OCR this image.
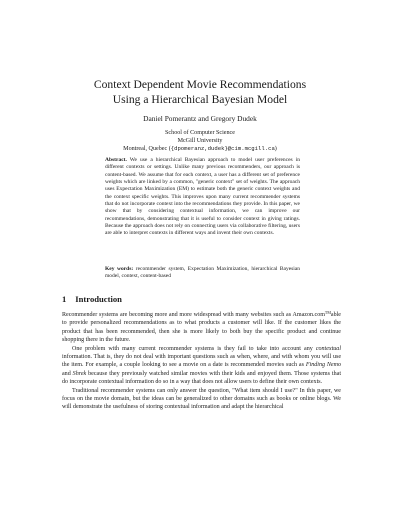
Context Dependent Movie Recommendations
Using a Hierarchical Bayesian Model
Daniel Pomerantz and Gregory Dudek
School of Computer Science
McGill University
Montreal, Quebec ({dpomeranz,dudek}@cim.mcgill.ca)
Abstract. We use a hierarchical Bayesian approach to model user preferences in different contexts or settings. Unlike many previous recommenders, our approach is content-based. We assume that for each context, a user has a different set of preference weights which are linked by a common, "generic context" set of weights. The approach uses Expectation Maximization (EM) to estimate both the generic context weights and the context specific weights. This improves upon many current recommender systems that do not incorporate context into the recommendations they provide. In this paper, we show that by considering contextual information, we can improve our recommendations, demonstrating that it is useful to consider context in giving ratings. Because the approach does not rely on connecting users via collaborative filtering, users are able to interpret contexts in different ways and invent their own contexts.
Key words: recommender system, Expectation Maximization, hierarchical Bayesian model, context, content-based
1 Introduction

Recommender systems are becoming more and more widespread with many websites such as Amazon.com™able to provide personalized recommendations as to what products a customer will like. If the customer likes the product that has been recommended, then she is more likely to both buy the specific product and continue shopping there in the future.

One problem with many current recommender systems is they fail to take into account any contextual information. That is, they do not deal with important questions such as when, where, and with whom you will use the item. For example, a couple looking to see a movie on a date is recommended movies such as Finding Nemo and Shrek because they previously watched similar movies with their kids and enjoyed them. Those systems that do incorporate contextual information do so in a way that does not allow users to define their own contexts.

Traditional recommender systems can only answer the question, "What item should I use?" In this paper, we focus on the movie domain, but the ideas can be generalized to other domains such as books or online blogs. We will demonstrate the usefulness of storing contextual information and adapt the hierarchical
